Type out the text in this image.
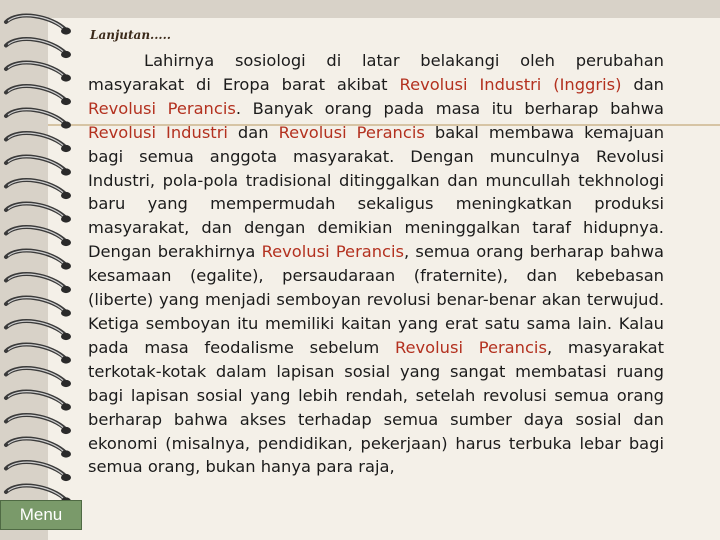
Lanjutan.....

Lahirnya sosiologi di latar belakangi oleh perubahan masyarakat di Eropa barat akibat Revolusi Industri (Inggris) dan Revolusi Perancis. Banyak orang pada masa itu berharap bahwa Revolusi Industri dan Revolusi Perancis bakal membawa kemajuan bagi semua anggota masyarakat. Dengan munculnya Revolusi Industri, pola-pola tradisional ditinggalkan dan muncullah tekhnologi baru yang mempermudah sekaligus meningkatkan produksi masyarakat, dan dengan demikian meninggalkan taraf hidupnya. Dengan berakhirnya Revolusi Perancis, semua orang berharap bahwa kesamaan (egalite), persaudaraan (fraternite), dan kebebasan (liberte) yang menjadi semboyan revolusi benar-benar akan terwujud. Ketiga semboyan itu memiliki kaitan yang erat satu sama lain. Kalau pada masa feodalisme sebelum Revolusi Perancis, masyarakat terkotak-kotak dalam lapisan sosial yang sangat membatasi ruang bagi lapisan sosial yang lebih rendah, setelah revolusi semua orang berharap bahwa akses terhadap semua sumber daya sosial dan ekonomi (misalnya, pendidikan, pekerjaan) harus terbuka lebar bagi semua orang, bukan hanya para raja,

Menu
